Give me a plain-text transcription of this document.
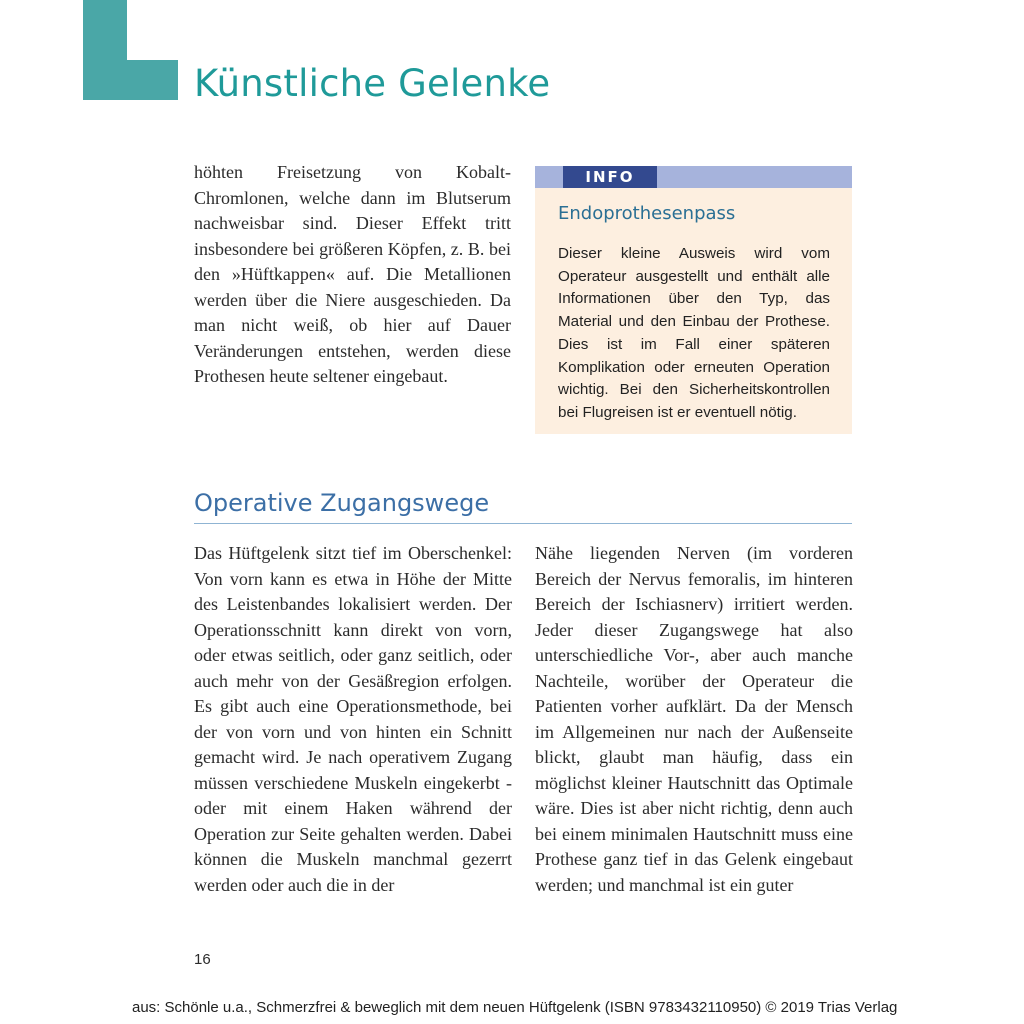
Künstliche Gelenke
höhten Freisetzung von Kobalt-Chromlonen, welche dann im Blutserum nachweisbar sind. Dieser Effekt tritt insbesondere bei größeren Köpfen, z. B. bei den »Hüftkappen« auf. Die Metallionen werden über die Niere ausgeschieden. Da man nicht weiß, ob hier auf Dauer Veränderungen entstehen, werden diese Prothesen heute seltener eingebaut.
INFO
Endoprothesenpass
Dieser kleine Ausweis wird vom Operateur ausgestellt und enthält alle Informationen über den Typ, das Material und den Einbau der Prothese. Dies ist im Fall einer späteren Komplikation oder erneuten Operation wichtig. Bei den Sicherheitskontrollen bei Flugreisen ist er eventuell nötig.
Operative Zugangswege
Das Hüftgelenk sitzt tief im Oberschenkel: Von vorn kann es etwa in Höhe der Mitte des Leistenbandes lokalisiert werden. Der Operationsschnitt kann direkt von vorn, oder etwas seitlich, oder ganz seitlich, oder auch mehr von der Gesäßregion erfolgen. Es gibt auch eine Operationsmethode, bei der von vorn und von hinten ein Schnitt gemacht wird. Je nach operativem Zugang müssen verschiedene Muskeln eingekerbt - oder mit einem Haken während der Operation zur Seite gehalten werden. Dabei können die Muskeln manchmal gezerrt werden oder auch die in der
Nähe liegenden Nerven (im vorderen Bereich der Nervus femoralis, im hinteren Bereich der Ischiasnerv) irritiert werden. Jeder dieser Zugangswege hat also unterschiedliche Vor-, aber auch manche Nachteile, worüber der Operateur die Patienten vorher aufklärt. Da der Mensch im Allgemeinen nur nach der Außenseite blickt, glaubt man häufig, dass ein möglichst kleiner Hautschnitt das Optimale wäre. Dies ist aber nicht richtig, denn auch bei einem minimalen Hautschnitt muss eine Prothese ganz tief in das Gelenk eingebaut werden; und manchmal ist ein guter
16
aus: Schönle u.a., Schmerzfrei & beweglich mit dem neuen Hüftgelenk (ISBN 9783432110950) © 2019 Trias Verlag
